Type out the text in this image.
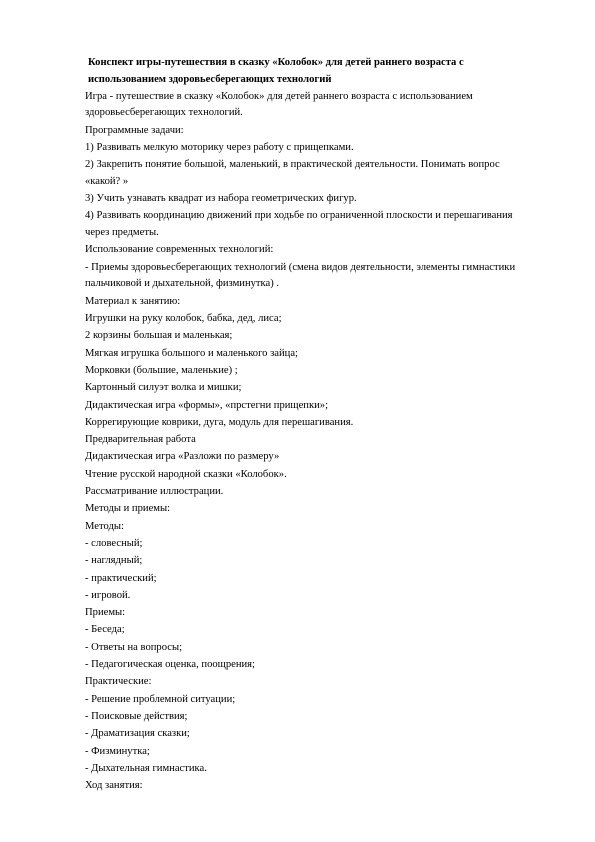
Конспект игры-путешествия в сказку «Колобок» для детей раннего возраста с использованием здоровьесберегающих технологий
Игра - путешествие в сказку «Колобок» для детей раннего возраста с использованием здоровьесберегающих технологий.
Программные задачи:
1) Развивать мелкую моторику через работу с прищепками.
2) Закрепить понятие большой, маленький, в практической деятельности. Понимать вопрос «какой? »
3) Учить узнавать квадрат из набора геометрических фигур.
4) Развивать координацию движений при ходьбе по ограниченной плоскости и перешагивания через предметы.
Использование современных технологий:
- Приемы здоровьесберегающих технологий (смена видов деятельности, элементы гимнастики пальчиковой и дыхательной, физминутка) .
Материал к занятию:
Игрушки на руку колобок, бабка, дед, лиса;
2 корзины большая и маленькая;
Мягкая игрушка большого и маленького зайца;
Морковки (большие, маленькие) ;
Картонный силуэт волка и мишки;
Дидактическая игра «формы», «прстегни прищепки»;
Коррегирующие коврики, дуга, модуль для перешагивания.
Предварительная работа
Дидактическая игра «Разложи по размеру»
Чтение русской народной сказки «Колобок».
Рассматривание иллюстрации.
Методы и приемы:
Методы:
- словесный;
- наглядный;
- практический;
- игровой.
Приемы:
- Беседа;
- Ответы на вопросы;
- Педагогическая оценка, поощрения;
Практические:
- Решение проблемной ситуации;
- Поисковые действия;
- Драматизация сказки;
- Физминутка;
- Дыхательная гимнастика.
Ход занятия:
